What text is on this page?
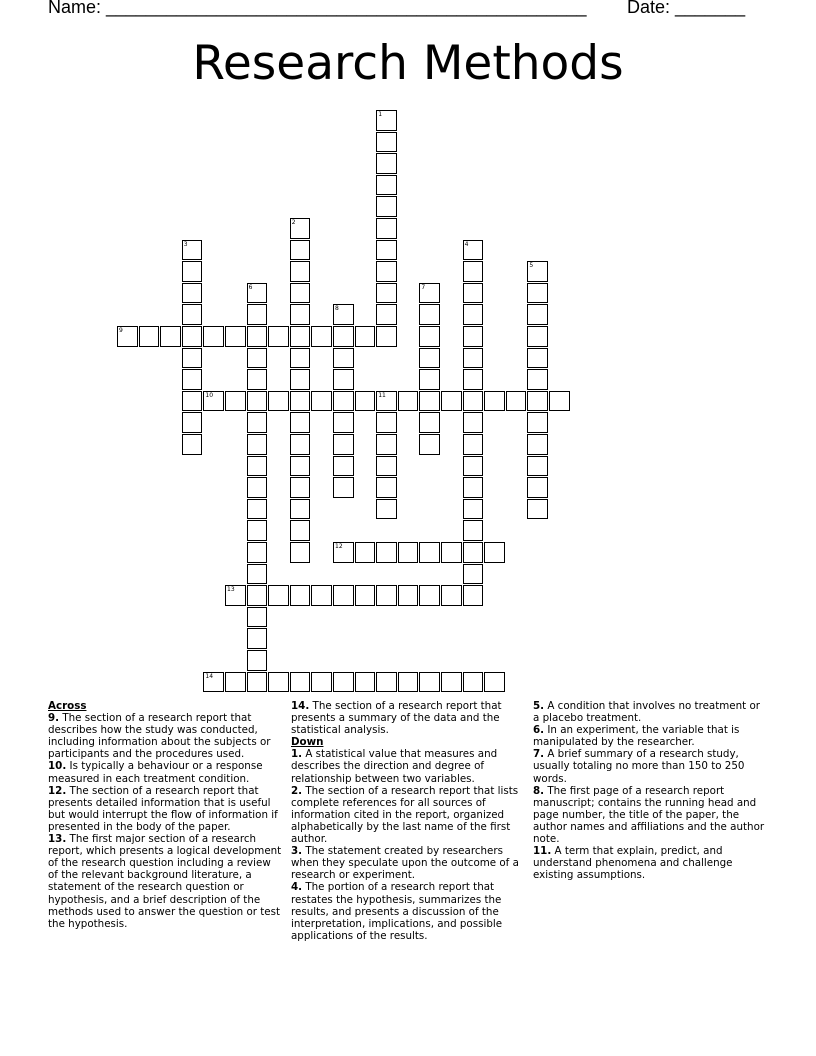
Name: ________________________________________________ Date: _______
Research Methods
1
2
3	4
5
6	7
8
9
10	11
12
13
14

Across

9. The section of a research report that describes how the study was conducted, including information about the subjects or participants and the procedures used.

10. Is typically a behaviour or a response measured in each treatment condition.

12. The section of a research report that presents detailed information that is useful but would interrupt the flow of information if presented in the body of the paper.

13. The first major section of a research report, which presents a logical development of the research question including a review of the relevant background literature, a statement of the research question or hypothesis, and a brief description of the methods used to answer the question or test the hypothesis.

14. The section of a research report that presents a summary of the data and the statistical analysis.

Down

1. A statistical value that measures and describes the direction and degree of relationship between two variables.

2. The section of a research report that lists complete references for all sources of information cited in the report, organized alphabetically by the last name of the first author.

3. The statement created by researchers when they speculate upon the outcome of a research or experiment.

4. The portion of a research report that restates the hypothesis, summarizes the results, and presents a discussion of the interpretation, implications, and possible applications of the results.

5. A condition that involves no treatment or a placebo treatment.

6. In an experiment, the variable that is manipulated by the researcher.

7. A brief summary of a research study, usually totaling no more than 150 to 250 words.

8. The first page of a research report manuscript; contains the running head and page number, the title of the paper, the author names and affiliations and the author note.

11. A term that explain, predict, and understand phenomena and challenge existing assumptions.
